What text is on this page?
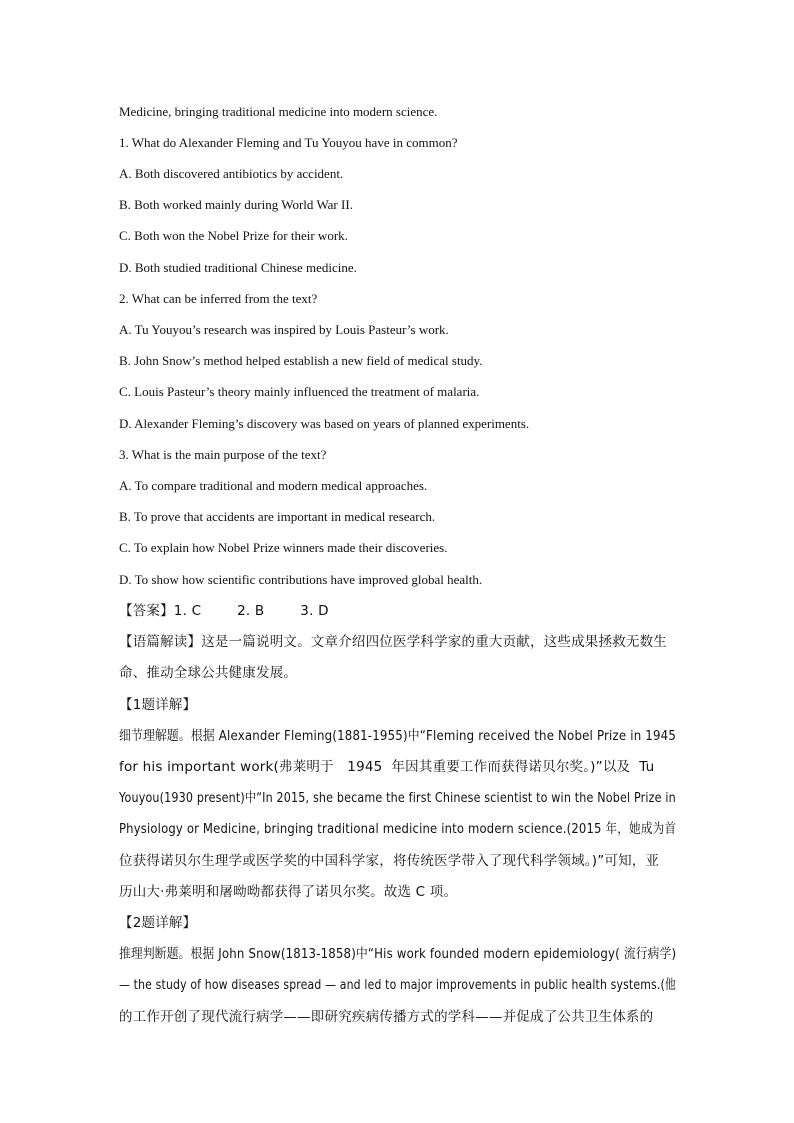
Medicine, bringing traditional medicine into modern science.
1. What do Alexander Fleming and Tu Youyou have in common?
A. Both discovered antibiotics by accident.
B. Both worked mainly during World War II.
C. Both won the Nobel Prize for their work.
D. Both studied traditional Chinese medicine.
2. What can be inferred from the text?
A. Tu Youyou’s research was inspired by Louis Pasteur’s work.
B. John Snow’s method helped establish a new field of medical study.
C. Louis Pasteur’s theory mainly influenced the treatment of malaria.
D. Alexander Fleming’s discovery was based on years of planned experiments.
3. What is the main purpose of the text?
A. To compare traditional and modern medical approaches.
B. To prove that accidents are important in medical research.
C. To explain how Nobel Prize winners made their discoveries.
D. To show how scientific contributions have improved global health.
【答案】1. C        2. B        3. D
【语篇解读】这是一篇说明文。文章介绍四位医学科学家的重大贡献，这些成果拯救无数生
命、推动全球公共健康发展。
【1题详解】
细节理解题。根据 Alexander Fleming(1881-1955)中“Fleming received the Nobel Prize in 1945
for his important work(弗莱明于   1945  年因其重要工作而获得诺贝尔奖。)”以及  Tu
Youyou(1930 present)中“In 2015, she became the first Chinese scientist to win the Nobel Prize in
Physiology or Medicine, bringing traditional medicine into modern science.(2015 年，她成为首
位获得诺贝尔生理学或医学奖的中国科学家，将传统医学带入了现代科学领域。)”可知，亚
历山大·弗莱明和屠呦呦都获得了诺贝尔奖。故选 C 项。
【2题详解】
推理判断题。根据 John Snow(1813-1858)中“His work founded modern epidemiology( 流行病学)
— the study of how diseases spread — and led to major improvements in public health systems.(他
的工作开创了现代流行病学——即研究疾病传播方式的学科——并促成了公共卫生体系的
